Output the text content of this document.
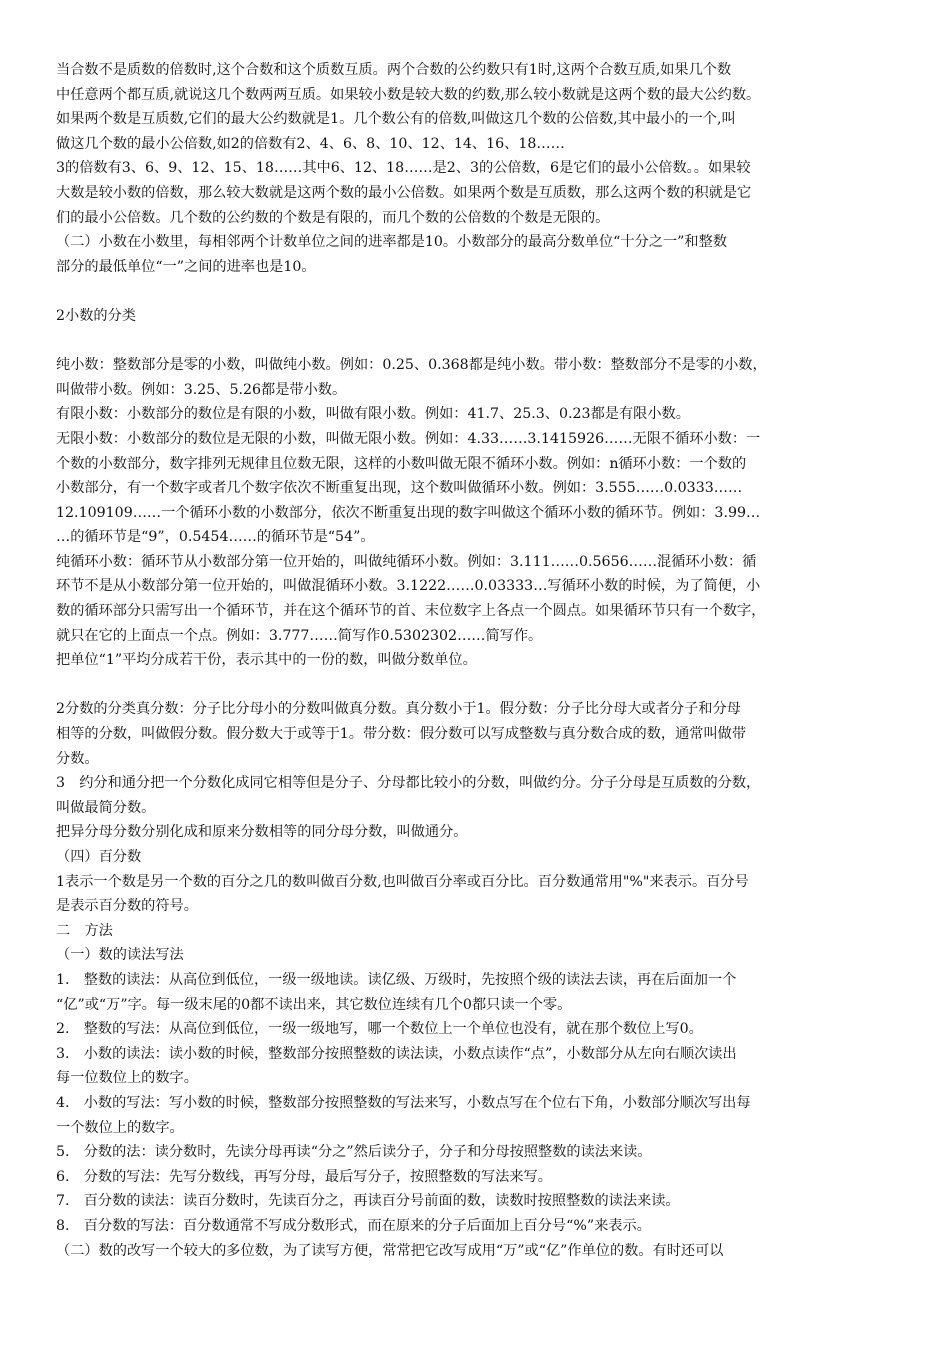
当合数不是质数的倍数时,这个合数和这个质数互质。两个合数的公约数只有1时,这两个合数互质,如果几个数
中任意两个都互质,就说这几个数两两互质。如果较小数是较大数的约数,那么较小数就是这两个数的最大公约数。
如果两个数是互质数,它们的最大公约数就是1。几个数公有的倍数,叫做这几个数的公倍数,其中最小的一个,叫
做这几个数的最小公倍数,如2的倍数有2、4、6、8、10、12、14、16、18……
3的倍数有3、6、9、12、15、18……其中6、12、18……是2、3的公倍数，6是它们的最小公倍数。。如果较
大数是较小数的倍数，那么较大数就是这两个数的最小公倍数。如果两个数是互质数，那么这两个数的积就是它
们的最小公倍数。几个数的公约数的个数是有限的，而几个数的公倍数的个数是无限的。
（二）小数在小数里，每相邻两个计数单位之间的进率都是10。小数部分的最高分数单位“十分之一”和整数
部分的最低单位“一”之间的进率也是10。
2小数的分类
纯小数：整数部分是零的小数，叫做纯小数。例如：0.25、0.368都是纯小数。带小数：整数部分不是零的小数，
叫做带小数。例如：3.25、5.26都是带小数。
有限小数：小数部分的数位是有限的小数，叫做有限小数。例如：41.7、25.3、0.23都是有限小数。
无限小数：小数部分的数位是无限的小数，叫做无限小数。例如：4.33……3.1415926……无限不循环小数：一
个数的小数部分，数字排列无规律且位数无限，这样的小数叫做无限不循环小数。例如：n循环小数：一个数的
小数部分，有一个数字或者几个数字依次不断重复出现，这个数叫做循环小数。例如：3.555……0.0333……
12.109109……一个循环小数的小数部分，依次不断重复出现的数字叫做这个循环小数的循环节。例如：3.99…
…的循环节是“9”，0.5454……的循环节是“54”。
纯循环小数：循环节从小数部分第一位开始的，叫做纯循环小数。例如：3.111……0.5656……混循环小数：循
环节不是从小数部分第一位开始的，叫做混循环小数。3.1222……0.03333…写循环小数的时候，为了简便，小
数的循环部分只需写出一个循环节，并在这个循环节的首、末位数字上各点一个圆点。如果循环节只有一个数字，
就只在它的上面点一个点。例如：3.777……简写作0.5302302……简写作。
把单位“1”平均分成若干份，表示其中的一份的数，叫做分数单位。
2分数的分类真分数：分子比分母小的分数叫做真分数。真分数小于1。假分数：分子比分母大或者分子和分母
相等的分数，叫做假分数。假分数大于或等于1。带分数：假分数可以写成整数与真分数合成的数，通常叫做带
分数。
3　约分和通分把一个分数化成同它相等但是分子、分母都比较小的分数，叫做约分。分子分母是互质数的分数，
叫做最简分数。
把异分母分数分别化成和原来分数相等的同分母分数，叫做通分。
（四）百分数
1表示一个数是另一个数的百分之几的数叫做百分数,也叫做百分率或百分比。百分数通常用"%"来表示。百分号
是表示百分数的符号。
二　方法
（一）数的读法写法
1.　整数的读法：从高位到低位，一级一级地读。读亿级、万级时，先按照个级的读法去读，再在后面加一个
“亿”或“万”字。每一级末尾的0都不读出来，其它数位连续有几个0都只读一个零。
2.　整数的写法：从高位到低位，一级一级地写，哪一个数位上一个单位也没有，就在那个数位上写0。
3.　小数的读法：读小数的时候，整数部分按照整数的读法读，小数点读作“点”，小数部分从左向右顺次读出
每一位数位上的数字。
4.　小数的写法：写小数的时候，整数部分按照整数的写法来写，小数点写在个位右下角，小数部分顺次写出每
一个数位上的数字。
5.　分数的法：读分数时，先读分母再读“分之”然后读分子，分子和分母按照整数的读法来读。
6.　分数的写法：先写分数线，再写分母，最后写分子，按照整数的写法来写。
7.　百分数的读法：读百分数时，先读百分之，再读百分号前面的数，读数时按照整数的读法来读。
8.　百分数的写法：百分数通常不写成分数形式，而在原来的分子后面加上百分号“%”来表示。
（二）数的改写一个较大的多位数，为了读写方便，常常把它改写成用“万”或“亿”作单位的数。有时还可以
